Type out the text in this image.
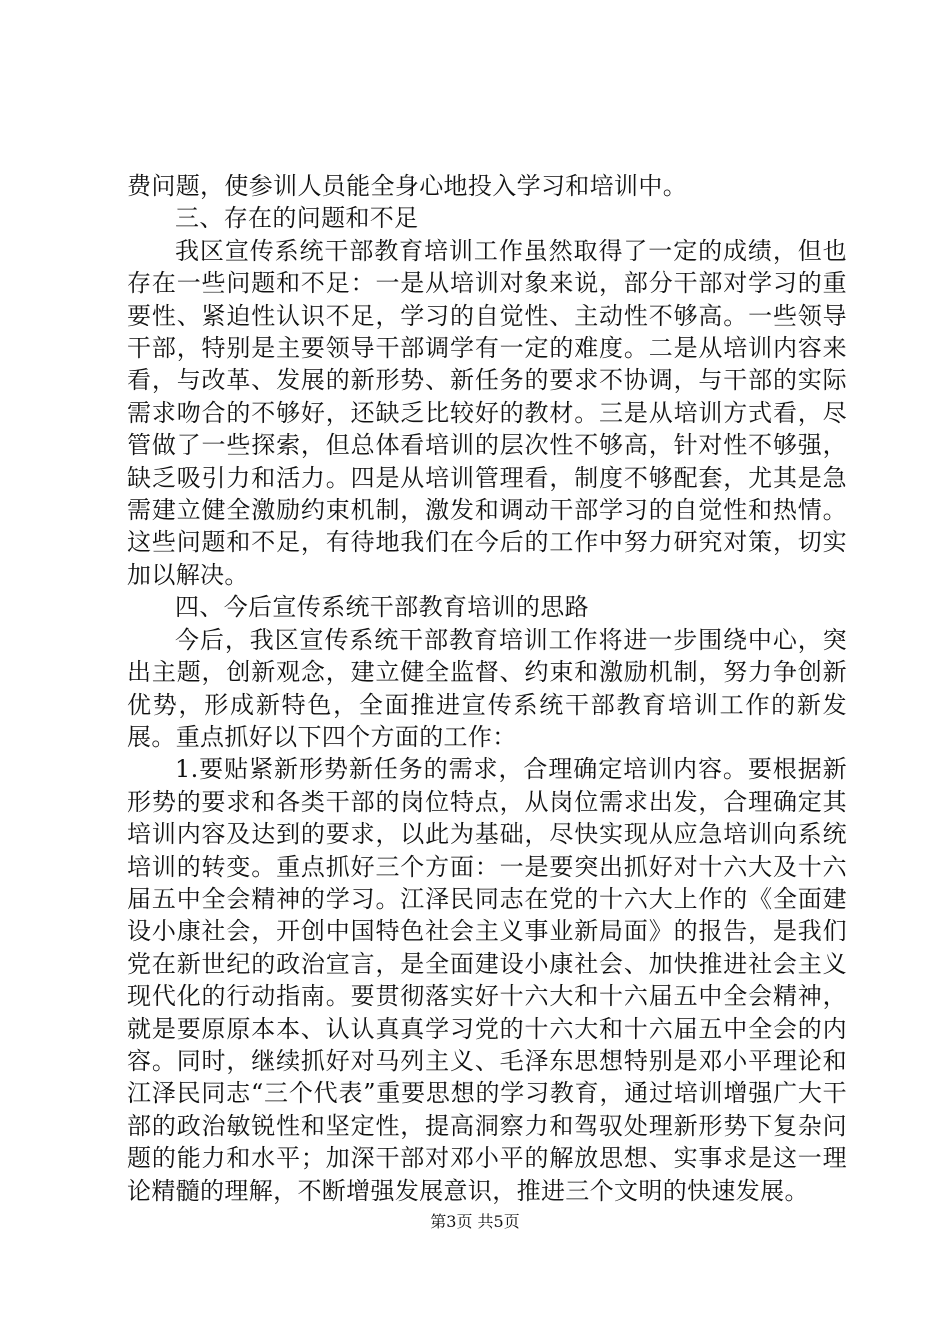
费问题，使参训人员能全身心地投入学习和培训中。

三、存在的问题和不足

我区宣传系统干部教育培训工作虽然取得了一定的成绩，但也存在一些问题和不足：一是从培训对象来说，部分干部对学习的重要性、紧迫性认识不足，学习的自觉性、主动性不够高。一些领导干部，特别是主要领导干部调学有一定的难度。二是从培训内容来看，与改革、发展的新形势、新任务的要求不协调，与干部的实际需求吻合的不够好，还缺乏比较好的教材。三是从培训方式看，尽管做了一些探索，但总体看培训的层次性不够高，针对性不够强，缺乏吸引力和活力。四是从培训管理看，制度不够配套，尤其是急需建立健全激励约束机制，激发和调动干部学习的自觉性和热情。这些问题和不足，有待地我们在今后的工作中努力研究对策，切实加以解决。

四、今后宣传系统干部教育培训的思路

今后，我区宣传系统干部教育培训工作将进一步围绕中心，突出主题，创新观念，建立健全监督、约束和激励机制，努力争创新优势，形成新特色，全面推进宣传系统干部教育培训工作的新发展。重点抓好以下四个方面的工作：

1.要贴紧新形势新任务的需求，合理确定培训内容。要根据新形势的要求和各类干部的岗位特点，从岗位需求出发，合理确定其培训内容及达到的要求，以此为基础，尽快实现从应急培训向系统培训的转变。重点抓好三个方面：一是要突出抓好对十六大及十六届五中全会精神的学习。江泽民同志在党的十六大上作的《全面建设小康社会，开创中国特色社会主义事业新局面》的报告，是我们党在新世纪的政治宣言，是全面建设小康社会、加快推进社会主义现代化的行动指南。要贯彻落实好十六大和十六届五中全会精神，就是要原原本本、认认真真学习党的十六大和十六届五中全会的内容。同时，继续抓好对马列主义、毛泽东思想特别是邓小平理论和江泽民同志“三个代表”重要思想的学习教育，通过培训增强广大干部的政治敏锐性和坚定性，提高洞察力和驾驭处理新形势下复杂问题的能力和水平；加深干部对邓小平的解放思想、实事求是这一理论精髓的理解，不断增强发展意识，推进三个文明的快速发展。

第3页 共5页
